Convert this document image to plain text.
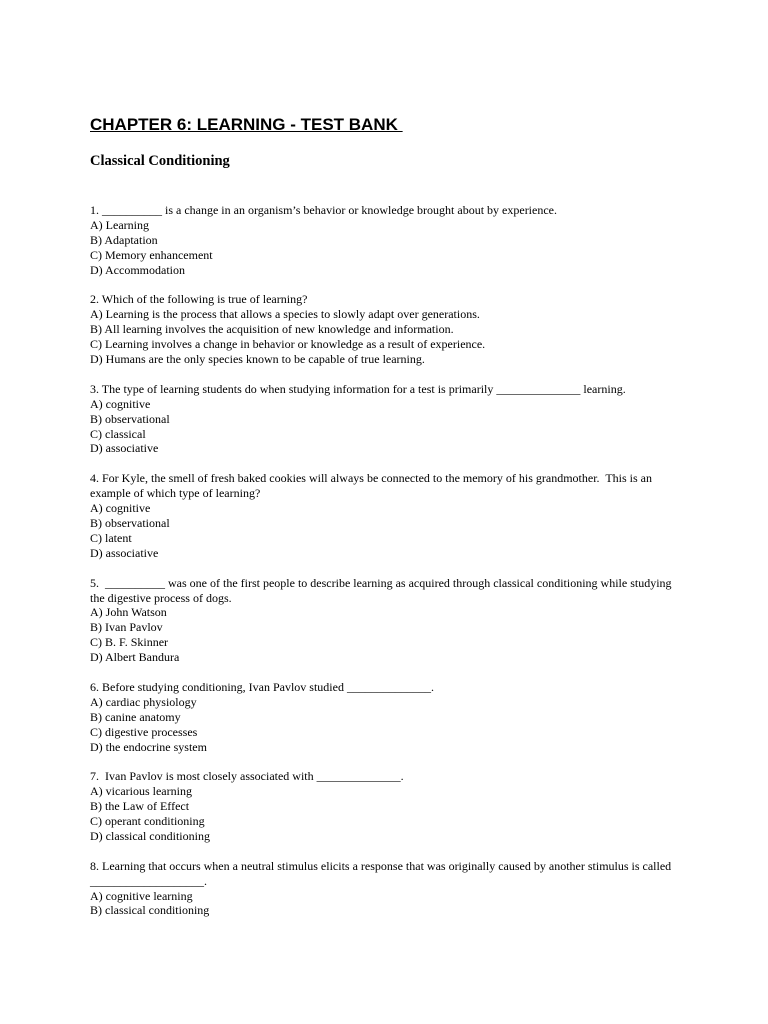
CHAPTER 6: LEARNING - TEST BANK

Classical Conditioning

1. __________ is a change in an organism’s behavior or knowledge brought about by experience.
A) Learning
B) Adaptation
C) Memory enhancement
D) Accommodation
2. Which of the following is true of learning?
A) Learning is the process that allows a species to slowly adapt over generations.
B) All learning involves the acquisition of new knowledge and information.
C) Learning involves a change in behavior or knowledge as a result of experience.
D) Humans are the only species known to be capable of true learning.
3. The type of learning students do when studying information for a test is primarily ______________ learning.
A) cognitive
B) observational
C) classical
D) associative
4. For Kyle, the smell of fresh baked cookies will always be connected to the memory of his grandmother.  This is an example of which type of learning?
A) cognitive
B) observational
C) latent
D) associative
5.  __________ was one of the first people to describe learning as acquired through classical conditioning while studying the digestive process of dogs.
A) John Watson
B) Ivan Pavlov
C) B. F. Skinner
D) Albert Bandura
6. Before studying conditioning, Ivan Pavlov studied ______________.
A) cardiac physiology
B) canine anatomy
C) digestive processes
D) the endocrine system
7.  Ivan Pavlov is most closely associated with ______________.
A) vicarious learning
B) the Law of Effect
C) operant conditioning
D) classical conditioning
8. Learning that occurs when a neutral stimulus elicits a response that was originally caused by another stimulus is called ___________________.
A) cognitive learning
B) classical conditioning
